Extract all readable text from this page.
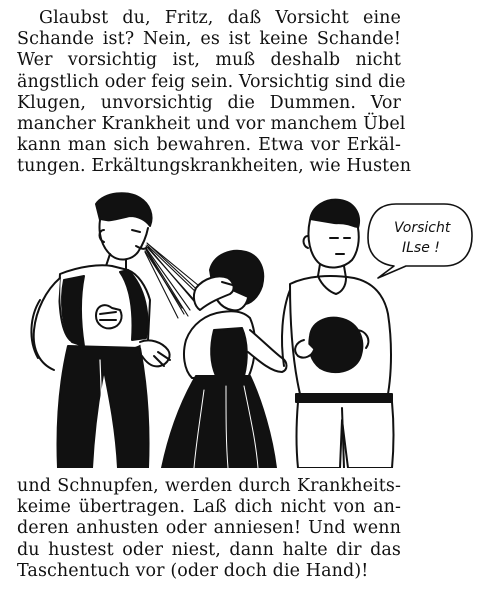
Glaubst du, Fritz, daß Vorsicht eine
Schande ist? Nein, es ist keine Schande!
Wer vorsichtig ist, muß deshalb nicht
ängstlich oder feig sein. Vorsichtig sind die
Klugen, unvorsichtig die Dummen. Vor
mancher Krankheit und vor manchem Übel
kann man sich bewahren. Etwa vor Erkäl-
tungen. Erkältungskrankheiten, wie Husten
Vorsicht
ILse !
und Schnupfen, werden durch Krankheits-
keime übertragen. Laß dich nicht von an-
deren anhusten oder anniesen! Und wenn
du hustest oder niest, dann halte dir das
Taschentuch vor (oder doch die Hand)!
